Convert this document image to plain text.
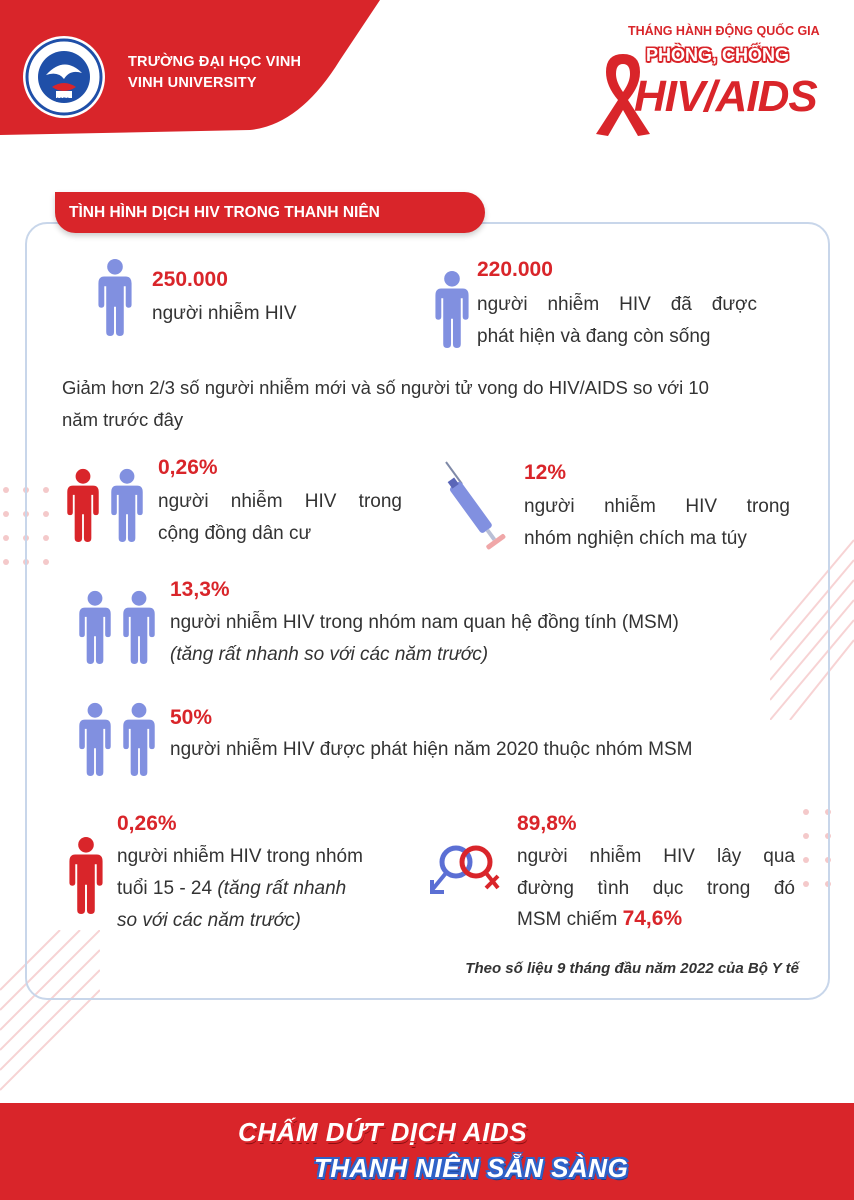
1959
TRƯỜNG ĐẠI HỌC VINH
VINH UNIVERSITY
THÁNG HÀNH ĐỘNG QUỐC GIA
PHÒNG, CHỐNG
HIV/AIDS
TÌNH HÌNH DỊCH HIV TRONG THANH NIÊN
250.000
người nhiễm HIV
220.000
người nhiễm HIV đã được
phát hiện và đang còn sống
Giảm hơn 2/3 số người nhiễm mới và số người tử vong do HIV/AIDS so với 10
năm trước đây
0,26%
người nhiễm HIV trong
cộng đồng dân cư
12%
người nhiễm HIV trong
nhóm nghiện chích ma túy
13,3%
người nhiễm HIV trong nhóm nam quan hệ đồng tính (MSM)
(tăng rất nhanh so với các năm trước)
50%
người nhiễm HIV được phát hiện năm 2020 thuộc nhóm MSM
0,26%
người nhiễm HIV trong nhóm
tuổi 15 - 24 (tăng rất nhanh
so với các năm trước)
89,8%
người nhiễm HIV lây qua
đường tình dục trong đó
MSM chiếm 74,6%
Theo số liệu 9 tháng đầu năm 2022 của Bộ Y tế
CHẤM DỨT DỊCH AIDS
THANH NIÊN SẴN SÀNG
